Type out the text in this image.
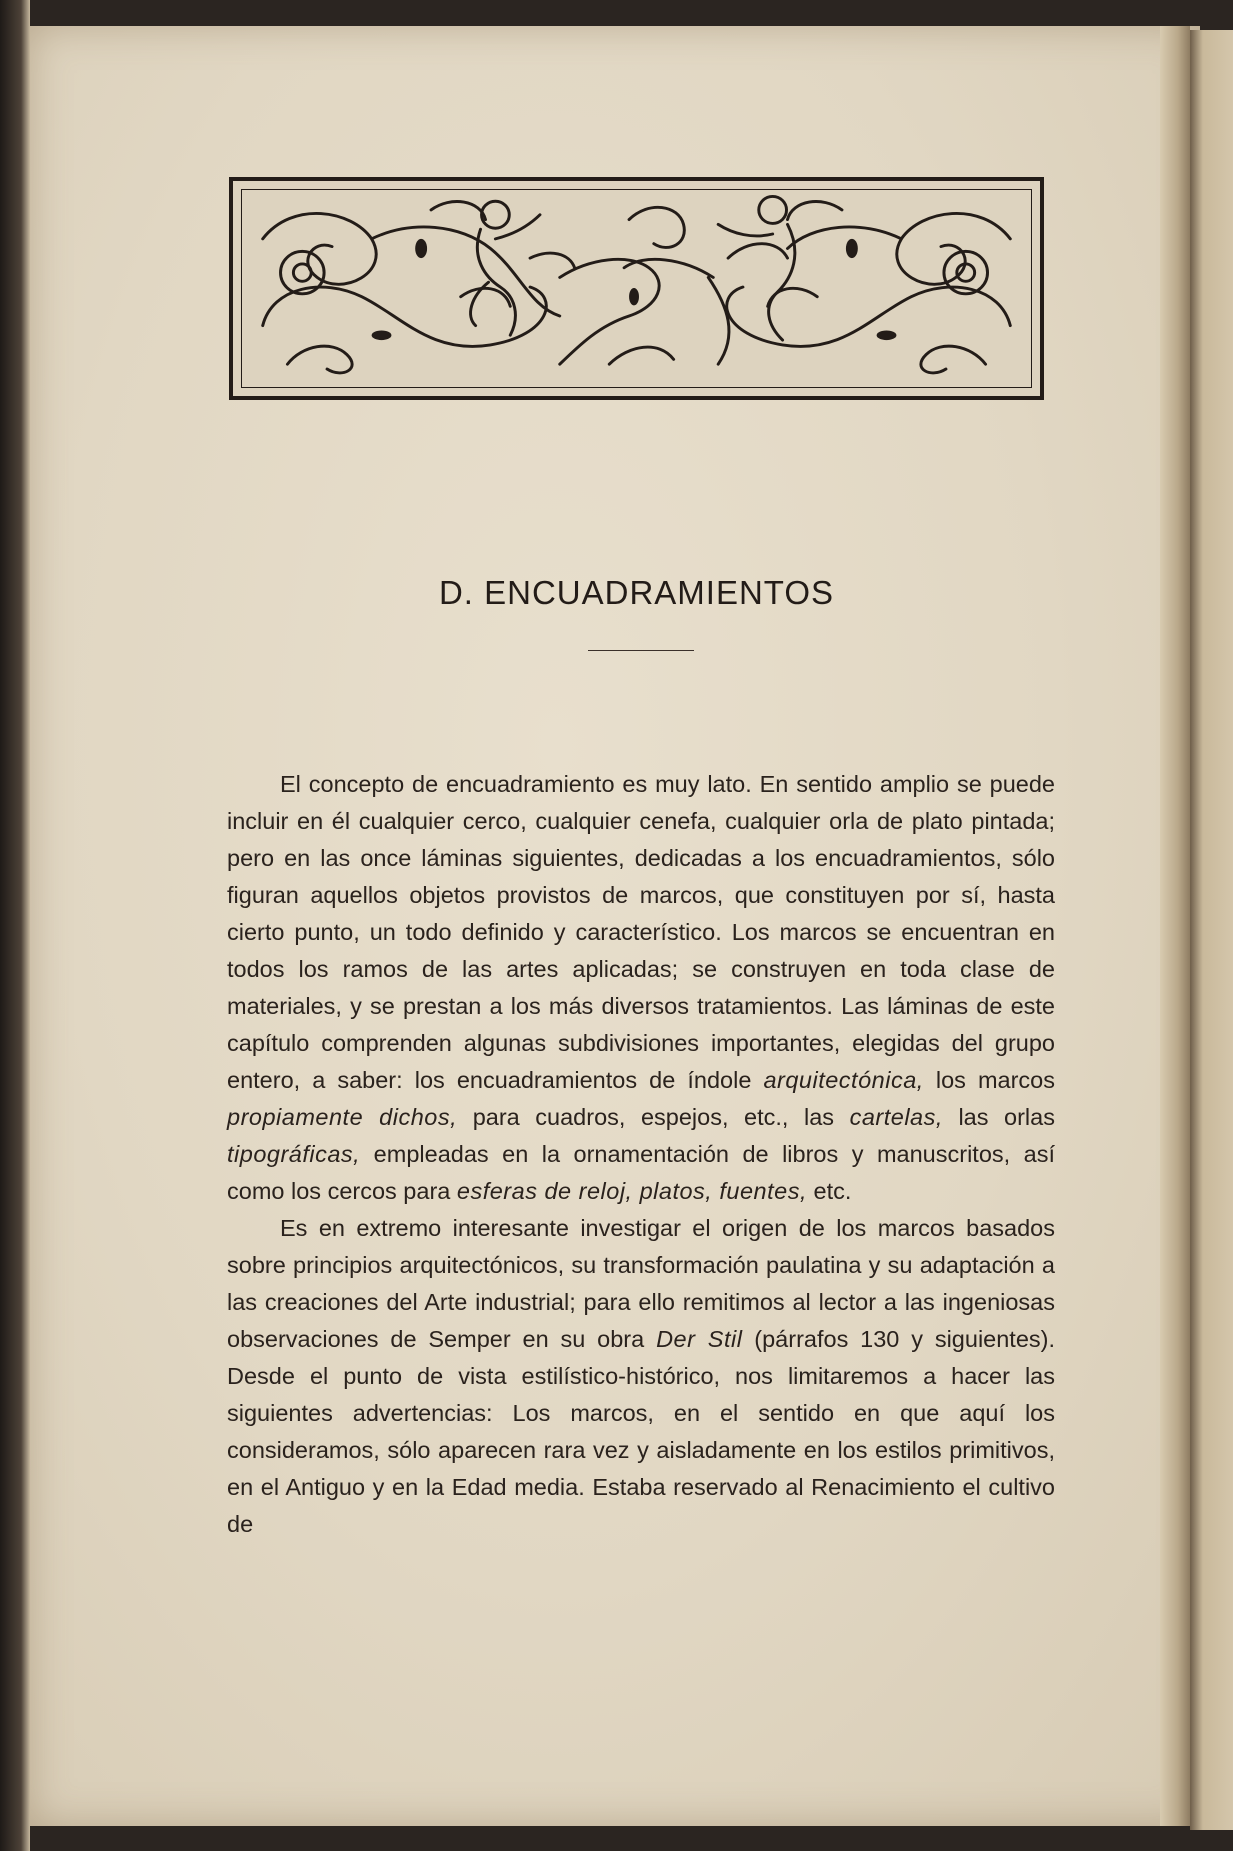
D. ENCUADRAMIENTOS

El concepto de encuadramiento es muy lato. En sentido amplio se puede incluir en él cualquier cerco, cualquier cenefa, cualquier orla de plato pintada; pero en las once láminas siguientes, dedicadas a los encuadramientos, sólo figuran aquellos objetos provistos de marcos, que constituyen por sí, hasta cierto punto, un todo definido y característico. Los marcos se encuentran en todos los ramos de las artes aplicadas; se construyen en toda clase de materiales, y se prestan a los más diversos tratamientos. Las láminas de este capítulo comprenden algunas subdivisiones importantes, elegidas del grupo entero, a saber: los encuadramientos de índole arquitectónica, los marcos propiamente dichos, para cuadros, espejos, etc., las cartelas, las orlas tipográficas, empleadas en la ornamentación de libros y manuscritos, así como los cercos para esferas de reloj, platos, fuentes, etc.

Es en extremo interesante investigar el origen de los marcos basados sobre principios arquitectónicos, su transformación paulatina y su adaptación a las creaciones del Arte industrial; para ello remitimos al lector a las ingeniosas observaciones de Semper en su obra Der Stil (párrafos 130 y siguientes). Desde el punto de vista estilístico-histórico, nos limitaremos a hacer las siguientes advertencias: Los marcos, en el sentido en que aquí los consideramos, sólo aparecen rara vez y aisladamente en los estilos primitivos, en el Antiguo y en la Edad media. Estaba reservado al Renacimiento el cultivo de
